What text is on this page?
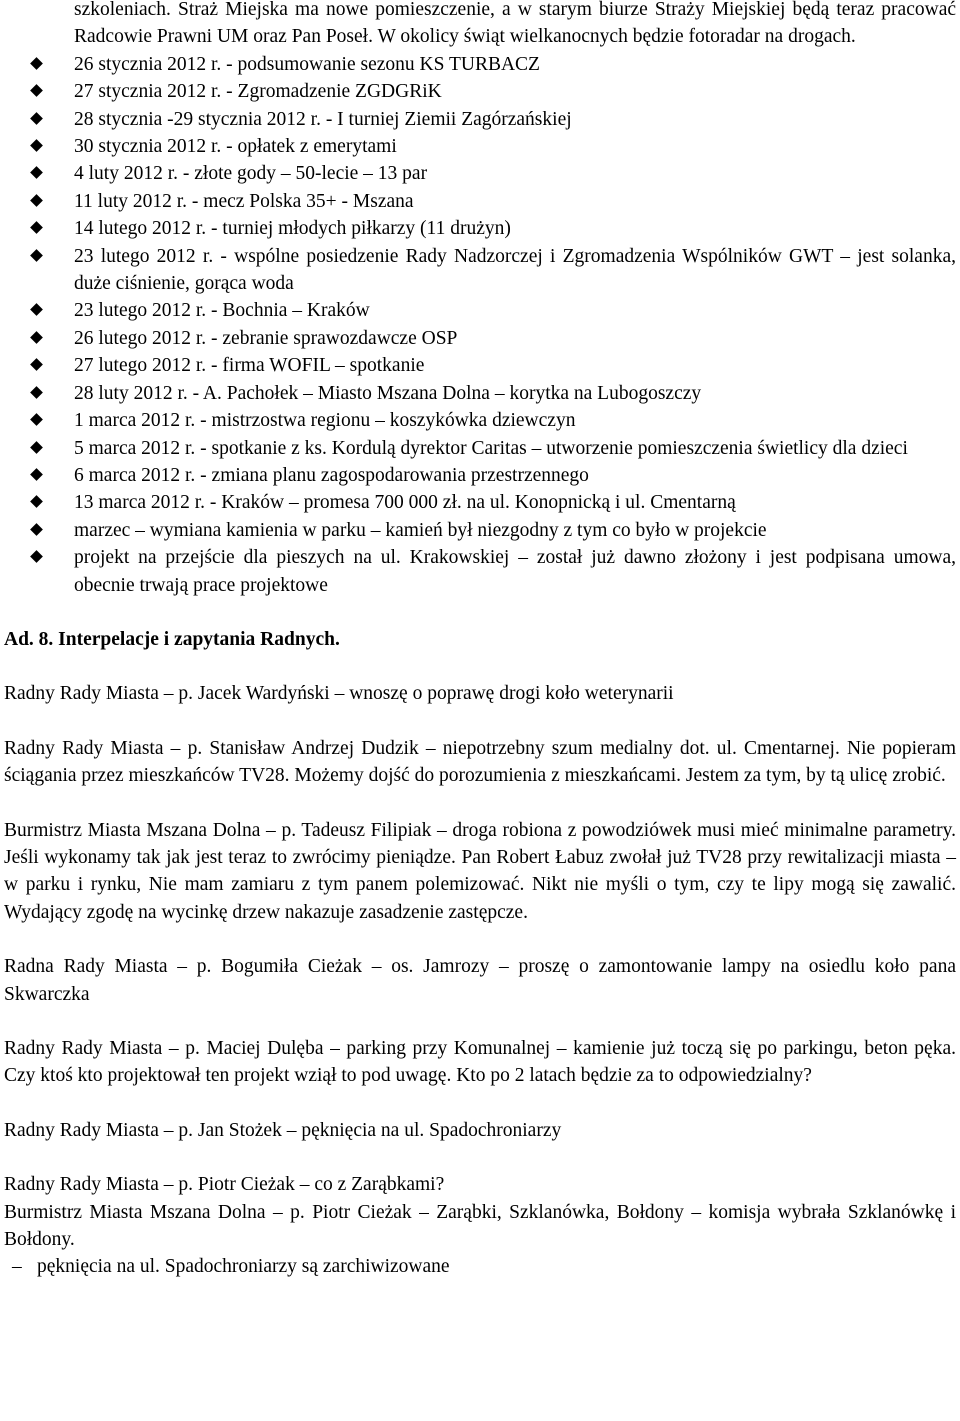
szkoleniach. Straż Miejska ma nowe pomieszczenie, a w starym biurze Straży Miejskiej będą teraz pracować Radcowie Prawni UM oraz Pan Poseł. W okolicy świąt wielkanocnych będzie fotoradar na drogach.

26 stycznia 2012 r. - podsumowanie sezonu KS TURBACZ
27 stycznia 2012 r. - Zgromadzenie ZGDGRiK
28 stycznia -29 stycznia 2012 r. - I turniej Ziemii Zagórzańskiej
30 stycznia 2012 r. - opłatek z emerytami
4 luty 2012 r. - złote gody – 50-lecie – 13 par
11 luty 2012 r. - mecz Polska 35+ - Mszana
14 lutego 2012 r. - turniej młodych piłkarzy (11 drużyn)
23 lutego 2012 r. - wspólne posiedzenie Rady Nadzorczej i Zgromadzenia Wspólników GWT – jest solanka, duże ciśnienie, gorąca woda
23 lutego 2012 r. - Bochnia – Kraków
26 lutego 2012 r. - zebranie sprawozdawcze OSP
27 lutego 2012 r. - firma WOFIL – spotkanie
28 luty 2012 r. - A. Pachołek – Miasto Mszana Dolna – korytka na Lubogoszczy
1 marca 2012 r. - mistrzostwa regionu – koszykówka dziewczyn
5 marca 2012 r. - spotkanie z ks. Kordulą dyrektor Caritas – utworzenie pomieszczenia świetlicy dla dzieci
6 marca 2012 r. - zmiana planu zagospodarowania przestrzennego
13 marca 2012 r. - Kraków – promesa 700 000 zł. na ul. Konopnicką i ul. Cmentarną
marzec – wymiana kamienia w parku – kamień był niezgodny z tym co było w projekcie
projekt na przejście dla pieszych na ul. Krakowskiej – został już dawno złożony i jest podpisana umowa, obecnie trwają prace projektowe

Ad. 8. Interpelacje i zapytania Radnych.

Radny Rady Miasta – p. Jacek Wardyński – wnoszę o poprawę drogi koło weterynarii

Radny Rady Miasta – p. Stanisław Andrzej Dudzik – niepotrzebny szum medialny dot. ul. Cmentarnej. Nie popieram ściągania przez mieszkańców TV28. Możemy dojść do porozumienia z mieszkańcami. Jestem za tym, by tą ulicę zrobić.

Burmistrz Miasta Mszana Dolna – p. Tadeusz Filipiak – droga robiona z powodziówek musi mieć minimalne parametry. Jeśli wykonamy tak jak jest teraz to zwrócimy pieniądze. Pan Robert Łabuz zwołał już TV28 przy rewitalizacji miasta – w parku i rynku, Nie mam zamiaru z tym panem polemizować. Nikt nie myśli o tym, czy te lipy mogą się zawalić. Wydający zgodę na wycinkę drzew nakazuje zasadzenie zastępcze.

Radna Rady Miasta – p. Bogumiła Cieżak – os. Jamrozy – proszę o zamontowanie lampy na osiedlu koło pana Skwarczka

Radny Rady Miasta – p. Maciej Dulęba – parking przy Komunalnej – kamienie już toczą się po parkingu, beton pęka. Czy ktoś kto projektował ten projekt wziął to pod uwagę. Kto po 2 latach będzie za to odpowiedzialny?

Radny Rady Miasta – p. Jan Stożek – pęknięcia na ul. Spadochroniarzy

Radny Rady Miasta – p. Piotr Cieżak – co z Zarąbkami?

Burmistrz Miasta Mszana Dolna – p. Piotr Cieżak – Zarąbki, Szklanówka, Bołdony – komisja wybrała Szklanówkę i Bołdony.

– pęknięcia na ul. Spadochroniarzy są zarchiwizowane
